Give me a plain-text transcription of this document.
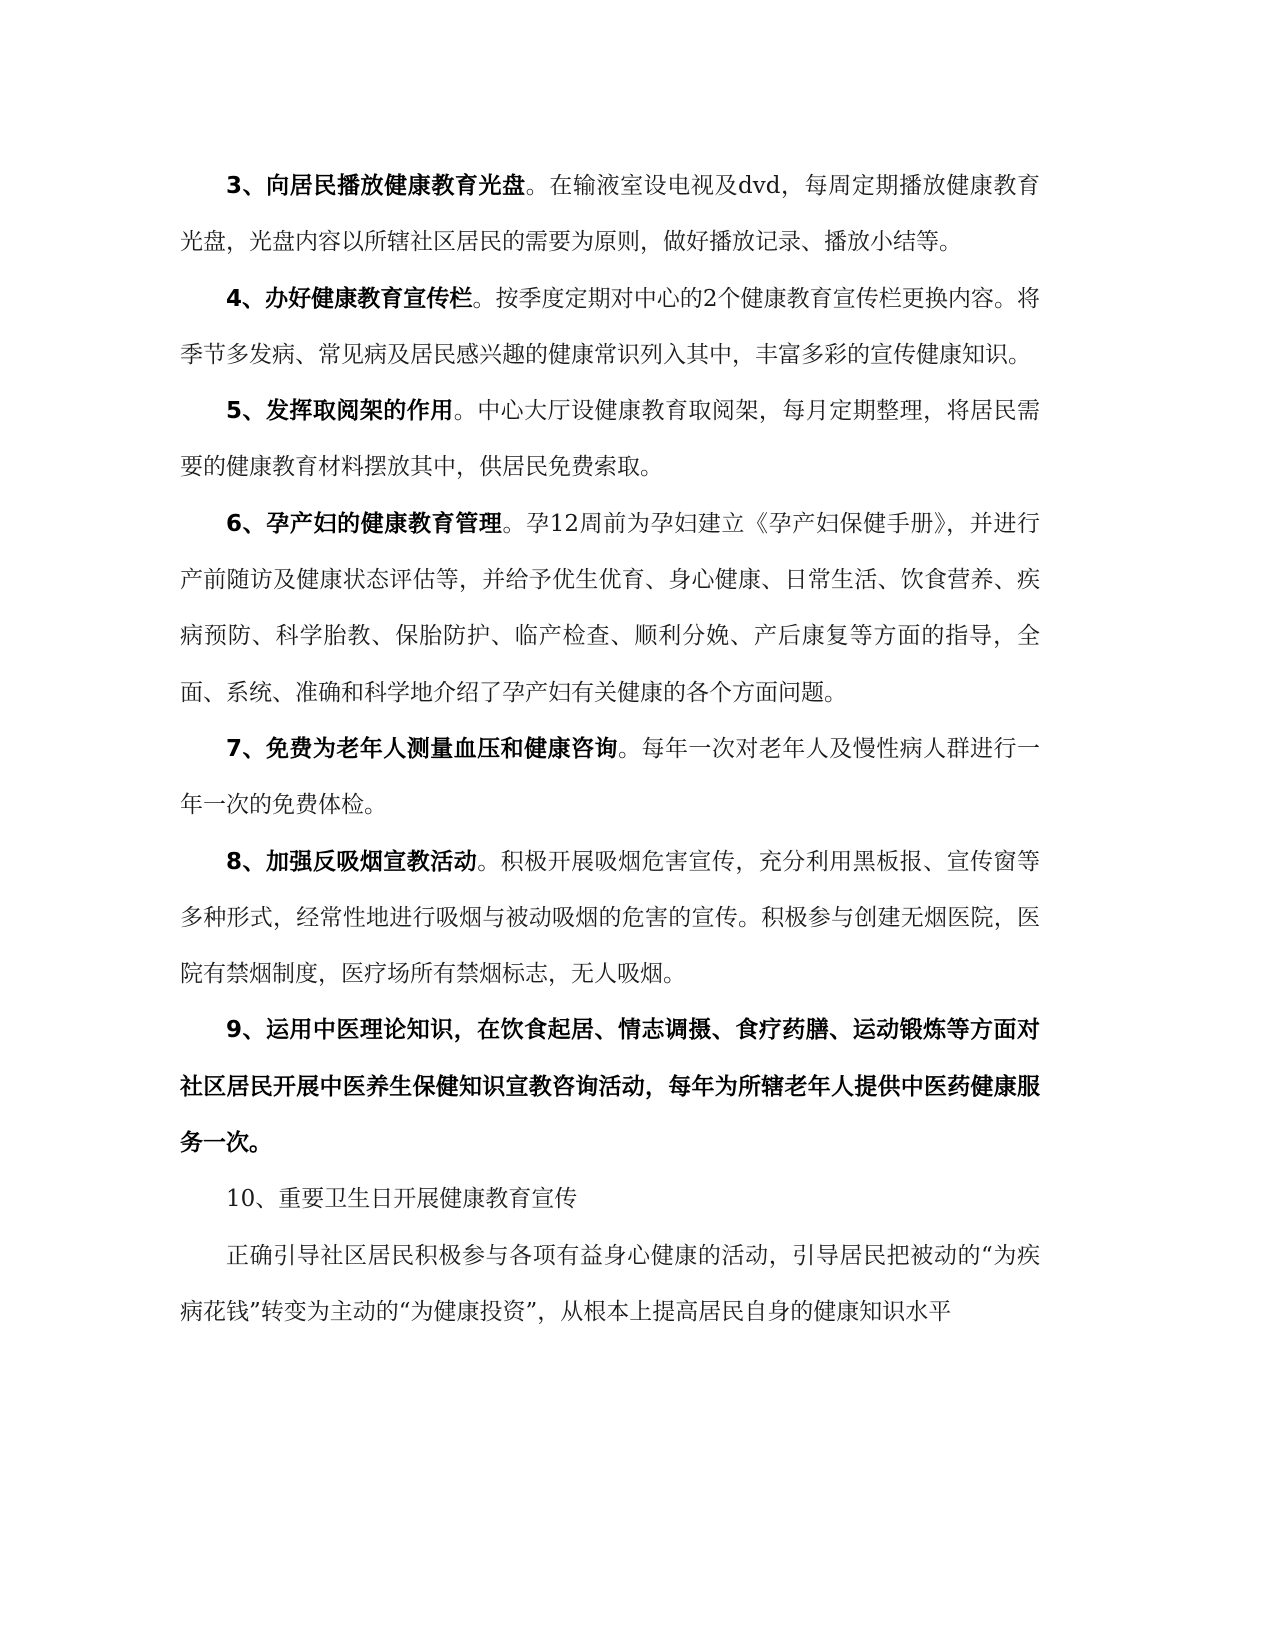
3、向居民播放健康教育光盘。在输液室设电视及dvd，每周定期播放健康教育光盘，光盘内容以所辖社区居民的需要为原则，做好播放记录、播放小结等。

4、办好健康教育宣传栏。按季度定期对中心的2个健康教育宣传栏更换内容。将季节多发病、常见病及居民感兴趣的健康常识列入其中，丰富多彩的宣传健康知识。

5、发挥取阅架的作用。中心大厅设健康教育取阅架，每月定期整理，将居民需要的健康教育材料摆放其中，供居民免费索取。

6、孕产妇的健康教育管理。孕12周前为孕妇建立《孕产妇保健手册》，并进行产前随访及健康状态评估等，并给予优生优育、身心健康、日常生活、饮食营养、疾病预防、科学胎教、保胎防护、临产检查、顺利分娩、产后康复等方面的指导，全面、系统、准确和科学地介绍了孕产妇有关健康的各个方面问题。

7、免费为老年人测量血压和健康咨询。每年一次对老年人及慢性病人群进行一年一次的免费体检。

8、加强反吸烟宣教活动。积极开展吸烟危害宣传，充分利用黑板报、宣传窗等多种形式，经常性地进行吸烟与被动吸烟的危害的宣传。积极参与创建无烟医院，医院有禁烟制度，医疗场所有禁烟标志，无人吸烟。

9、运用中医理论知识，在饮食起居、情志调摄、食疗药膳、运动锻炼等方面对社区居民开展中医养生保健知识宣教咨询活动，每年为所辖老年人提供中医药健康服务一次。

10、重要卫生日开展健康教育宣传

正确引导社区居民积极参与各项有益身心健康的活动，引导居民把被动的“为疾病花钱”转变为主动的“为健康投资”，从根本上提高居民自身的健康知识水平
